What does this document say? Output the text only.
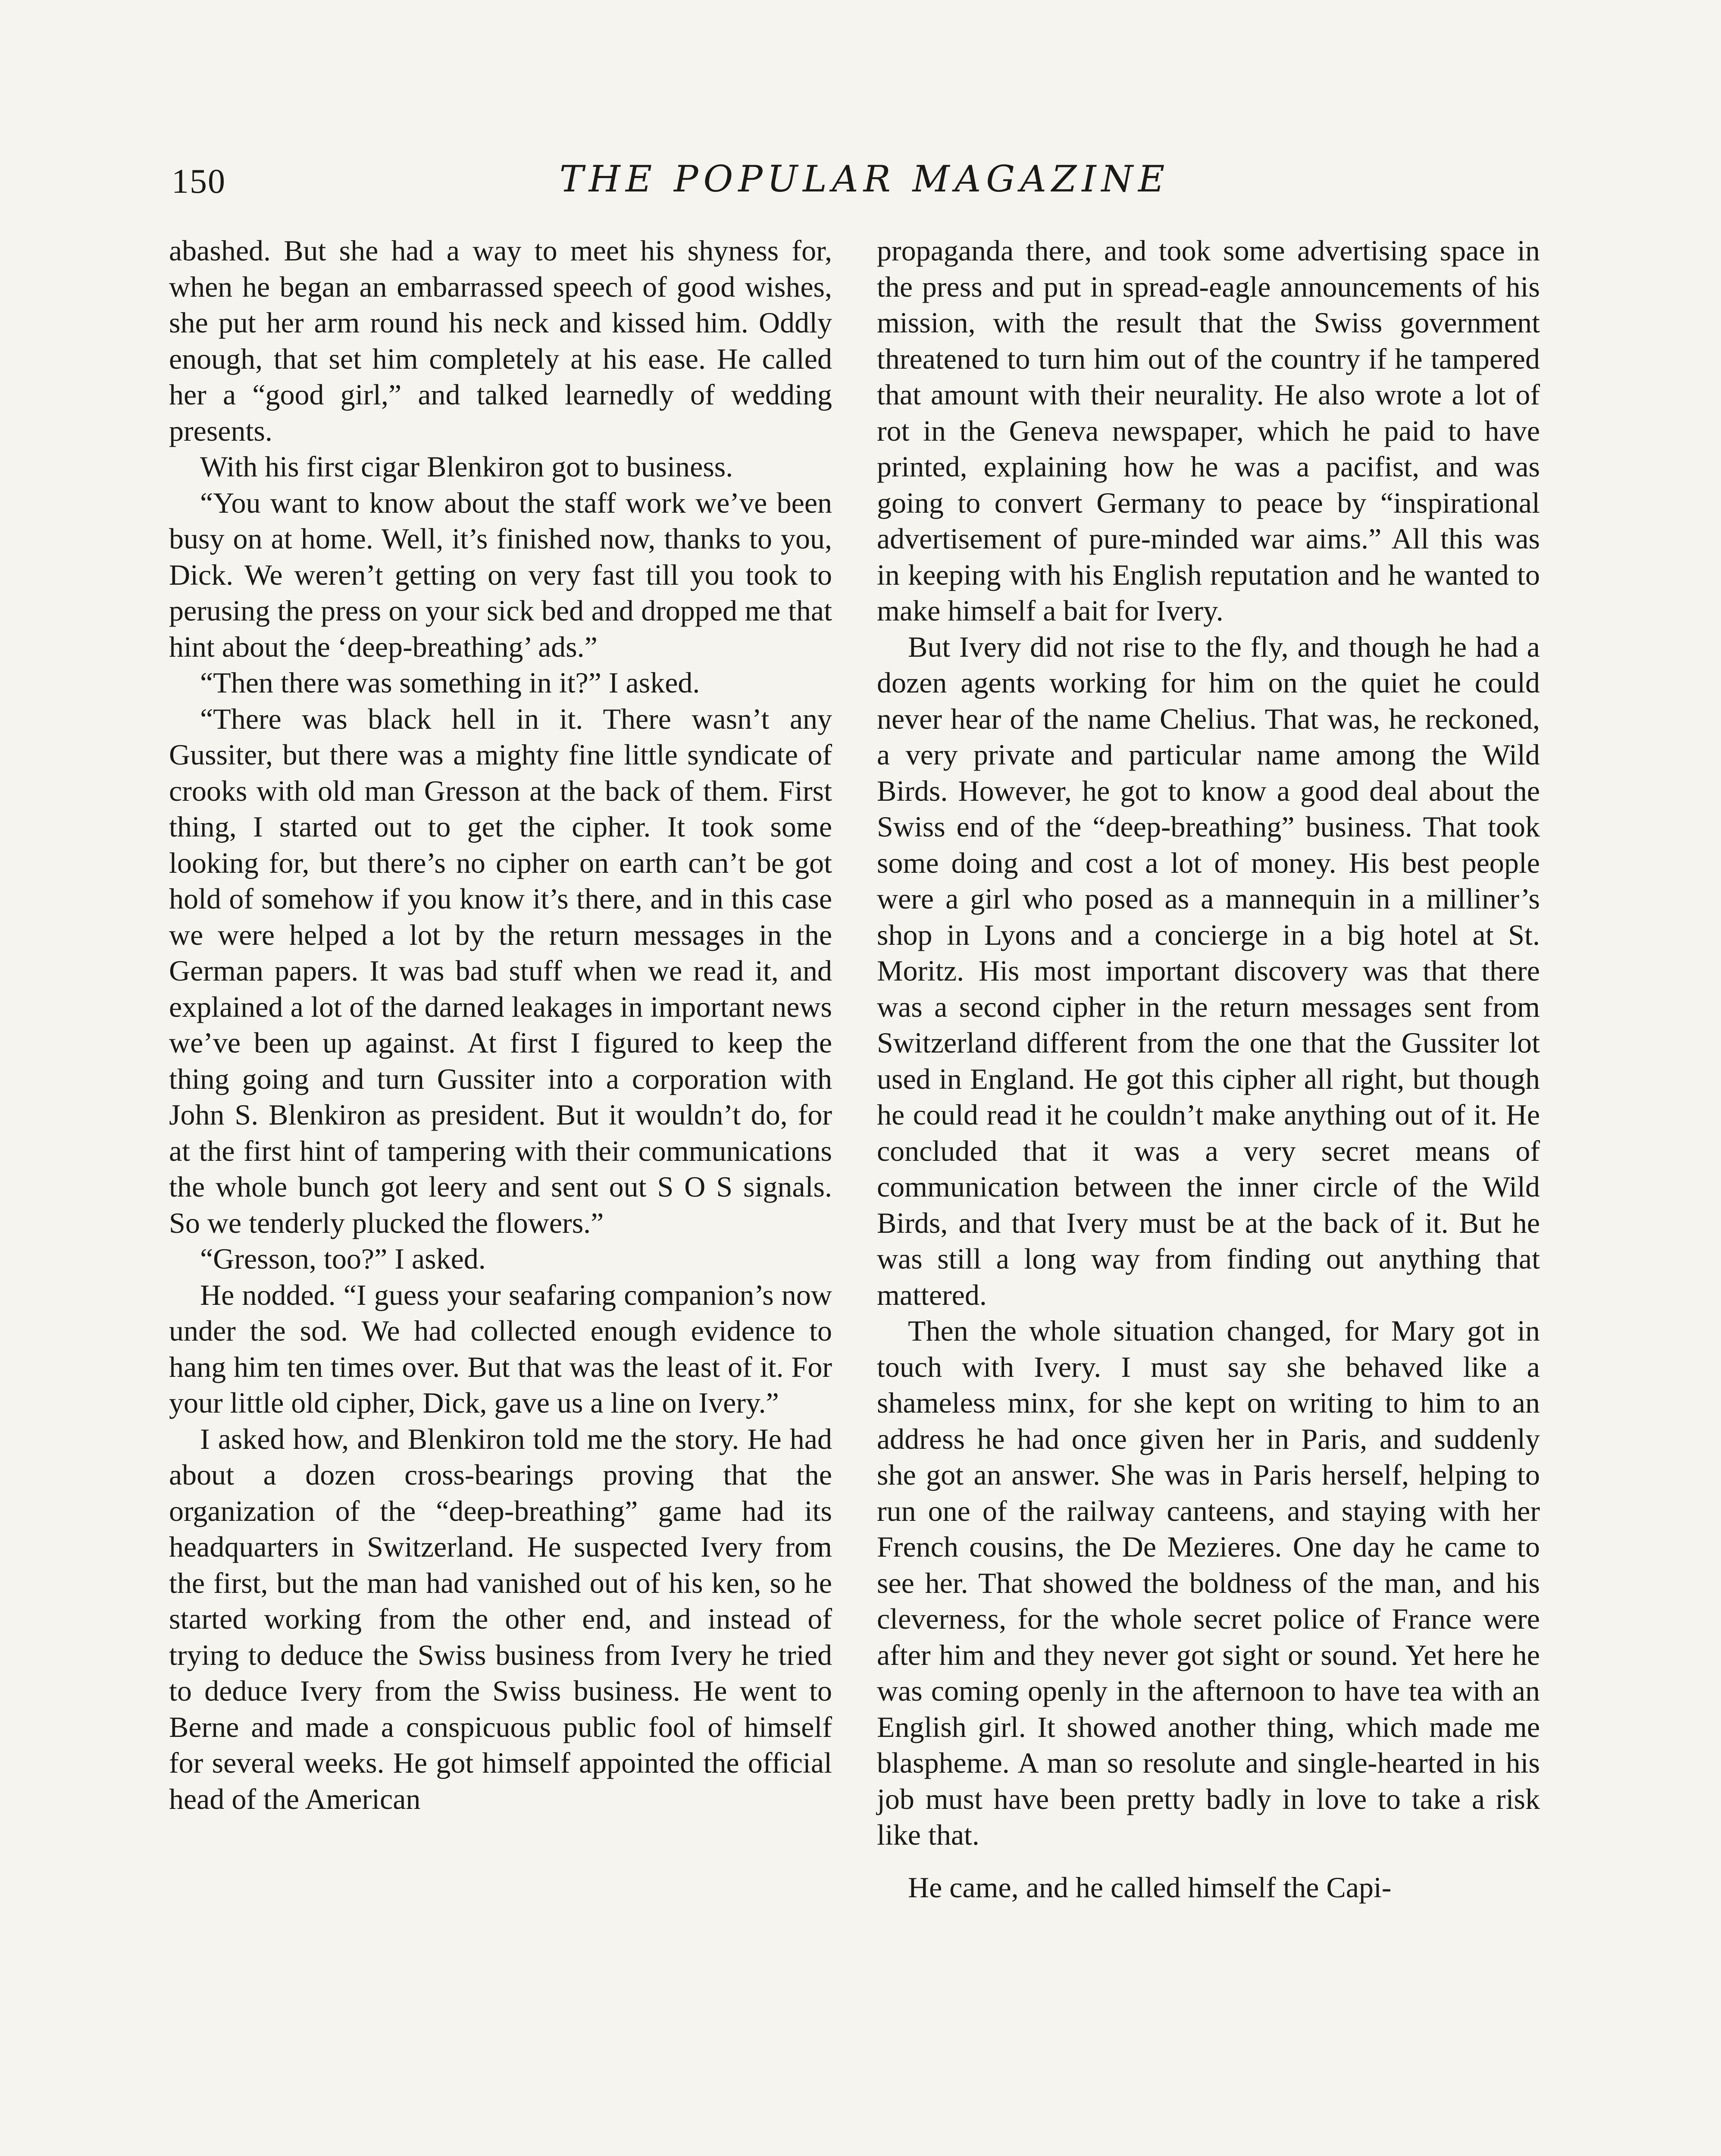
150	THE POPULAR MAGAZINE

abashed. But she had a way to meet his shyness for, when he began an embarrassed speech of good wishes, she put her arm round his neck and kissed him. Oddly enough, that set him completely at his ease. He called her a “good girl,” and talked learnedly of wedding presents.

With his first cigar Blenkiron got to business.

“You want to know about the staff work we’ve been busy on at home. Well, it’s finished now, thanks to you, Dick. We weren’t getting on very fast till you took to perusing the press on your sick bed and dropped me that hint about the ‘deep-breathing’ ads.”

“Then there was something in it?” I asked.

“There was black hell in it. There wasn’t any Gussiter, but there was a mighty fine little syndicate of crooks with old man Gresson at the back of them. First thing, I started out to get the cipher. It took some looking for, but there’s no cipher on earth can’t be got hold of somehow if you know it’s there, and in this case we were helped a lot by the return messages in the German papers. It was bad stuff when we read it, and explained a lot of the darned leakages in important news we’ve been up against. At first I figured to keep the thing going and turn Gussiter into a corporation with John S. Blenkiron as president. But it wouldn’t do, for at the first hint of tampering with their communications the whole bunch got leery and sent out S O S signals. So we tenderly plucked the flowers.”

“Gresson, too?” I asked.

He nodded. “I guess your seafaring companion’s now under the sod. We had collected enough evidence to hang him ten times over. But that was the least of it. For your little old cipher, Dick, gave us a line on Ivery.”

I asked how, and Blenkiron told me the story. He had about a dozen cross-bearings proving that the organization of the “deep-breathing” game had its headquarters in Switzerland. He suspected Ivery from the first, but the man had vanished out of his ken, so he started working from the other end, and instead of trying to deduce the Swiss business from Ivery he tried to deduce Ivery from the Swiss business. He went to Berne and made a conspicuous public fool of himself for several weeks. He got himself appointed the official head of the American

propaganda there, and took some advertising space in the press and put in spread-eagle announcements of his mission, with the result that the Swiss government threatened to turn him out of the country if he tampered that amount with their neurality. He also wrote a lot of rot in the Geneva newspaper, which he paid to have printed, explaining how he was a pacifist, and was going to convert Germany to peace by “inspirational advertisement of pure-minded war aims.” All this was in keeping with his English reputation and he wanted to make himself a bait for Ivery.

But Ivery did not rise to the fly, and though he had a dozen agents working for him on the quiet he could never hear of the name Chelius. That was, he reckoned, a very private and particular name among the Wild Birds. However, he got to know a good deal about the Swiss end of the “deep-breathing” business. That took some doing and cost a lot of money. His best people were a girl who posed as a mannequin in a milliner’s shop in Lyons and a concierge in a big hotel at St. Moritz. His most important discovery was that there was a second cipher in the return messages sent from Switzerland different from the one that the Gussiter lot used in England. He got this cipher all right, but though he could read it he couldn’t make anything out of it. He concluded that it was a very secret means of communication between the inner circle of the Wild Birds, and that Ivery must be at the back of it. But he was still a long way from finding out anything that mattered.

Then the whole situation changed, for Mary got in touch with Ivery. I must say she behaved like a shameless minx, for she kept on writing to him to an address he had once given her in Paris, and suddenly she got an answer. She was in Paris herself, helping to run one of the railway canteens, and staying with her French cousins, the De Mezieres. One day he came to see her. That showed the boldness of the man, and his cleverness, for the whole secret police of France were after him and they never got sight or sound. Yet here he was coming openly in the afternoon to have tea with an English girl. It showed another thing, which made me blaspheme. A man so resolute and single-hearted in his job must have been pretty badly in love to take a risk like that.

He came, and he called himself the Capi-
